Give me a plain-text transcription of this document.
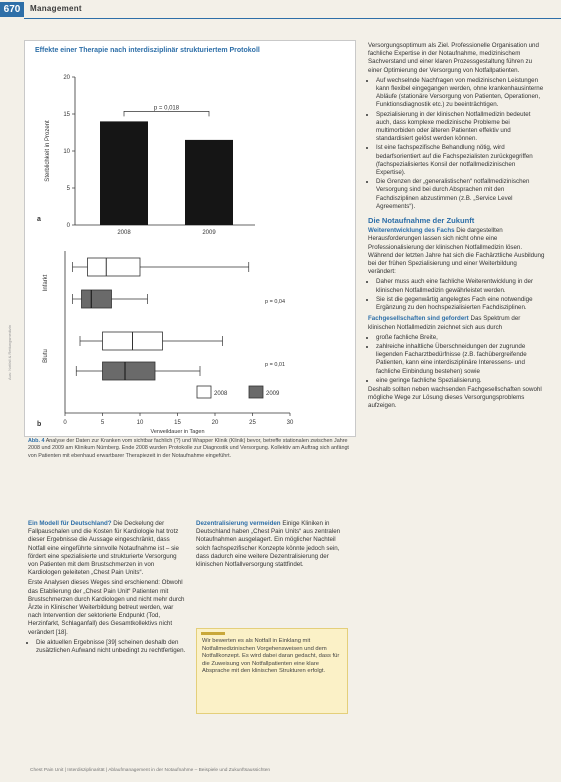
670	Management
Effekte einer Therapie nach interdisziplinär strukturiertem Protokoll
0
5
10
15
20
Sterblichkeit in Prozent
2008	2009
p = 0,018
a
0	5	10	15	20	25	30
Verweildauer in Tagen
Infarkt
Blutu
p = 0,04
p = 0,01
2008	2009
b
Aus: Notfall & Rettungsmedizin
Abb. 4 Analyse der Daten zur Kranken vom sichtbar fachlich (?) und Wrapper Klinik (Klinik) bevor, betreffe stationalen zwischen Jahre 2008 und 2009 am Klinikum Nürnberg. Ende 2008 wurden Protokolle zur Diagnostik und Versorgung. Kollektiv am Auftrag sich anfängt von Patienten mit ebenhaud erwartbarer Therapiezeit in der Notaufnahme eingeführt.

Ein Modell für Deutschland? Die Deckelung der Fallpauschalen und die Kosten für Kardiologie hat trotz dieser Ergebnisse die Aussage eingeschränkt, dass Notfall eine eingeführte sinnvolle Notaufnahme ist – sie fördert eine spezialisierte und strukturierte Versorgung von Patienten mit dem Brustschmerzen in von Kardiologen geleiteten „Chest Pain Units“.

Erste Analysen dieses Weges sind erschienend: Obwohl das Etablierung der „Chest Pain Unit“ Patienten mit Brustschmerzen durch Kardiologen und nicht mehr durch Ärzte in Klinischer Weiterbildung betreut werden, war nach Intervention der sektorierte Endpunkt (Tod, Herzinfarkt, Schlaganfall) des Gesamtkollektivs nicht verändert [18].

• Die aktuellen Ergebnisse [39] scheinen deshalb den zusätzlichen Aufwand nicht unbedingt zu rechtfertigen.

Dezentralisierung vermeiden Einige Kliniken in Deutschland haben „Chest Pain Units“ aus zentralen Notaufnahmen ausgelagert. Ein möglicher Nachteil solch fachspezifischer Konzepte könnte jedoch sein, dass dadurch eine weitere Dezentralisierung der klinischen Notfallversorgung stattfindet.

Wir bewerten es als Notfall in Einklang mit Notfallmedizinischen Vorgehensweisen und dem Notfallkonzept. Es wird dabei daran gedacht, dass für die Zuweisung von Notfallpatienten eine klare Absprache mit den klinischen Strukturen erfolgt.

Versorgungsoptimum als Ziel. Professionelle Organisation und fachliche Expertise in der Notaufnahme, medizinischem Sachverstand und einer klaren Prozessgestaltung führen zu einer Optimierung der Versorgung von Notfallpatienten.

• Auf wechselnde Nachfragen von medizinischen Leistungen kann flexibel eingegangen werden, ohne krankenhausinterne Abläufe (stationäre Versorgung von Patienten, Operationen, Funktionsdiagnostik etc.) zu beeinträchtigen.
• Spezialisierung in der klinischen Notfallmedizin bedeutet auch, dass komplexe medizinische Probleme bei multimorbiden oder älteren Patienten effektiv und standardisiert gelöst werden können.
• Ist eine fachspezifische Behandlung nötig, wird bedarfsorientiert auf die Fachspezialisten zurückgegriffen (fachspezialisiertes Konsil der notfallmedizinischen Expertise).
• Die Grenzen der „generalistischen“ notfallmedizinischen Versorgung sind bei durch Absprachen mit den Fachdisziplinen abzustimmen (z.B. „Service Level Agreements“).

Die Notaufnahme der Zukunft

Weiterentwicklung des Fachs Die dargestellten Herausforderungen lassen sich nicht ohne eine Professionalisierung der klinischen Notfallmedizin lösen. Während der letzten Jahre hat sich die Fachärztliche Ausbildung bei der frühen Spezialisierung und einer Weiterbildung verändert:

• Daher muss auch eine fachliche Weiterentwicklung in der klinischen Notfallmedizin gewährleistet werden.
• Sie ist die gegenwärtig angelegtes Fach eine notwendige Ergänzung zu den hochspezialisierten Fachdisziplinen.

Fachgesellschaften sind gefordert Das Spektrum der klinischen Notfallmedizin zeichnet sich aus durch

• große fachliche Breite,
• zahlreiche inhaltliche Überschneidungen der zugrunde liegenden Facharztbedürfnisse (z.B. fachübergreifende Patienten, kann eine interdisziplinäre Interessens- und fachliche Einbindung bestehen) sowie
• eine geringe fachliche Spezialisierung.

Deshalb sollten neben wachsenden Fachgesellschaften sowohl mögliche Wege zur Lösung dieses Versorgungsproblems aufzeigen.

Chest Pain Unit | Interdisziplinarität | Ablaufmanagement in der Notaufnahme – Beispiele und Zukunftsaussichten
